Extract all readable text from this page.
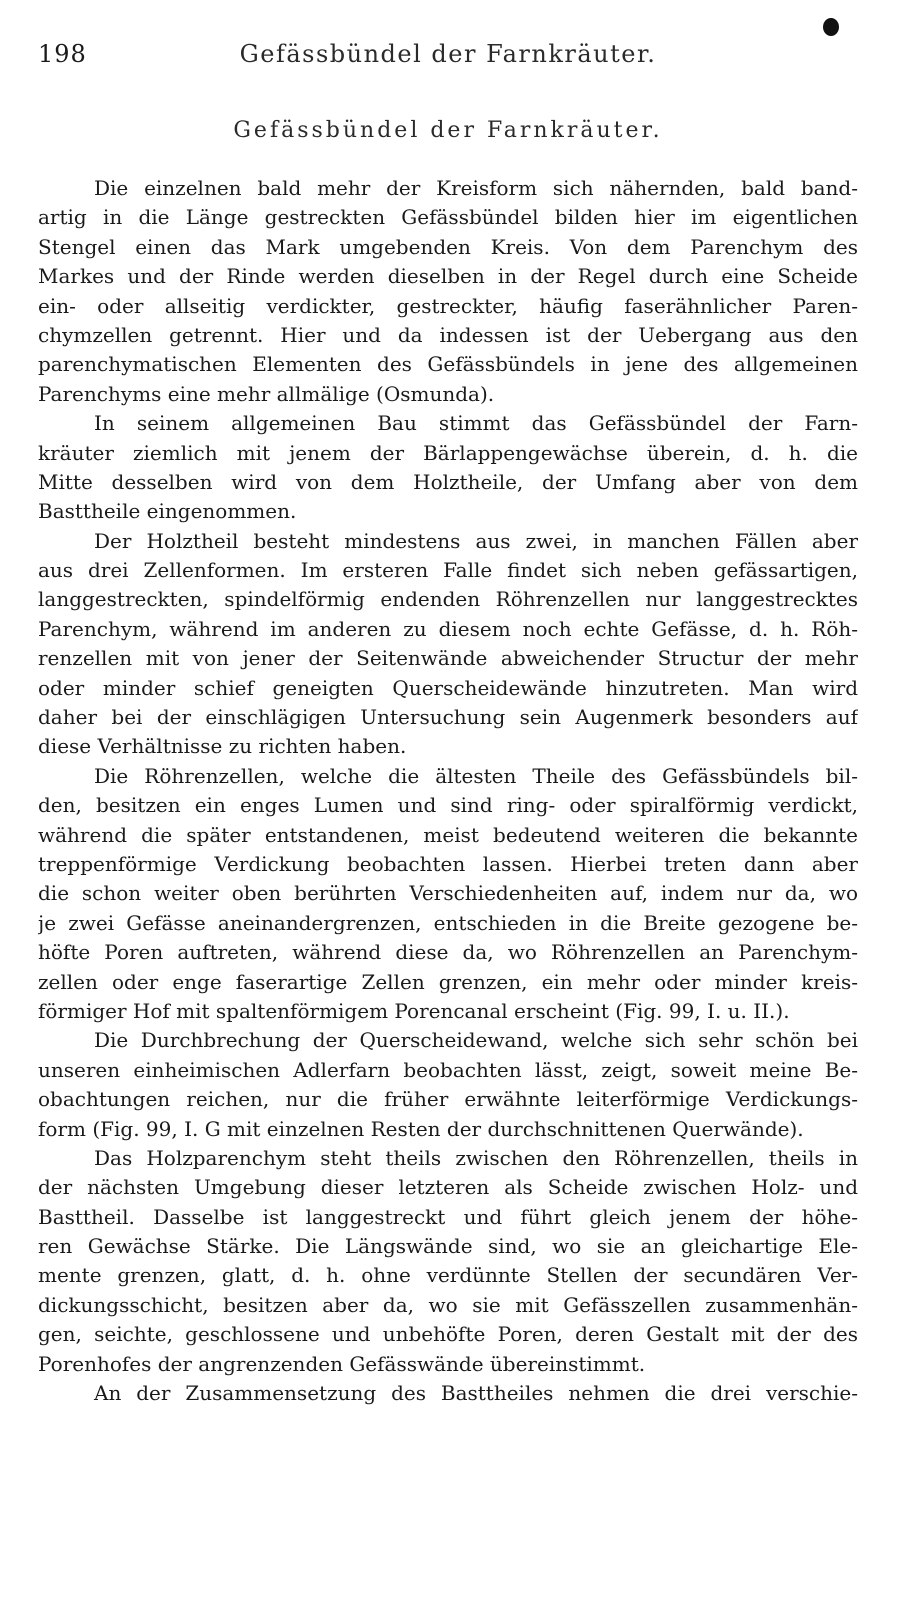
198	Gefässbündel der Farnkräuter.
Gefässbündel der Farnkräuter.
Die einzelnen bald mehr der Kreisform sich nähernden, bald band-
artig in die Länge gestreckten Gefässbündel bilden hier im eigentlichen
Stengel einen das Mark umgebenden Kreis. Von dem Parenchym des
Markes und der Rinde werden dieselben in der Regel durch eine Scheide
ein- oder allseitig verdickter, gestreckter, häufig faserähnlicher Paren-
chymzellen getrennt. Hier und da indessen ist der Uebergang aus den
parenchymatischen Elementen des Gefässbündels in jene des allgemeinen
Parenchyms eine mehr allmälige (Osmunda).
In seinem allgemeinen Bau stimmt das Gefässbündel der Farn-
kräuter ziemlich mit jenem der Bärlappengewächse überein, d. h. die
Mitte desselben wird von dem Holztheile, der Umfang aber von dem
Basttheile eingenommen.
Der Holztheil besteht mindestens aus zwei, in manchen Fällen aber
aus drei Zellenformen. Im ersteren Falle findet sich neben gefässartigen,
langgestreckten, spindelförmig endenden Röhrenzellen nur langgestrecktes
Parenchym, während im anderen zu diesem noch echte Gefässe, d. h. Röh-
renzellen mit von jener der Seitenwände abweichender Structur der mehr
oder minder schief geneigten Querscheidewände hinzutreten. Man wird
daher bei der einschlägigen Untersuchung sein Augenmerk besonders auf
diese Verhältnisse zu richten haben.
Die Röhrenzellen, welche die ältesten Theile des Gefässbündels bil-
den, besitzen ein enges Lumen und sind ring- oder spiralförmig verdickt,
während die später entstandenen, meist bedeutend weiteren die bekannte
treppenförmige Verdickung beobachten lassen. Hierbei treten dann aber
die schon weiter oben berührten Verschiedenheiten auf, indem nur da, wo
je zwei Gefässe aneinandergrenzen, entschieden in die Breite gezogene be-
höfte Poren auftreten, während diese da, wo Röhrenzellen an Parenchym-
zellen oder enge faserartige Zellen grenzen, ein mehr oder minder kreis-
förmiger Hof mit spaltenförmigem Porencanal erscheint (Fig. 99, I. u. II.).
Die Durchbrechung der Querscheidewand, welche sich sehr schön bei
unseren einheimischen Adlerfarn beobachten lässt, zeigt, soweit meine Be-
obachtungen reichen, nur die früher erwähnte leiterförmige Verdickungs-
form (Fig. 99, I. G mit einzelnen Resten der durchschnittenen Querwände).
Das Holzparenchym steht theils zwischen den Röhrenzellen, theils in
der nächsten Umgebung dieser letzteren als Scheide zwischen Holz- und
Basttheil. Dasselbe ist langgestreckt und führt gleich jenem der höhe-
ren Gewächse Stärke. Die Längswände sind, wo sie an gleichartige Ele-
mente grenzen, glatt, d. h. ohne verdünnte Stellen der secundären Ver-
dickungsschicht, besitzen aber da, wo sie mit Gefässzellen zusammenhän-
gen, seichte, geschlossene und unbehöfte Poren, deren Gestalt mit der des
Porenhofes der angrenzenden Gefässwände übereinstimmt.
An der Zusammensetzung des Basttheiles nehmen die drei verschie-
